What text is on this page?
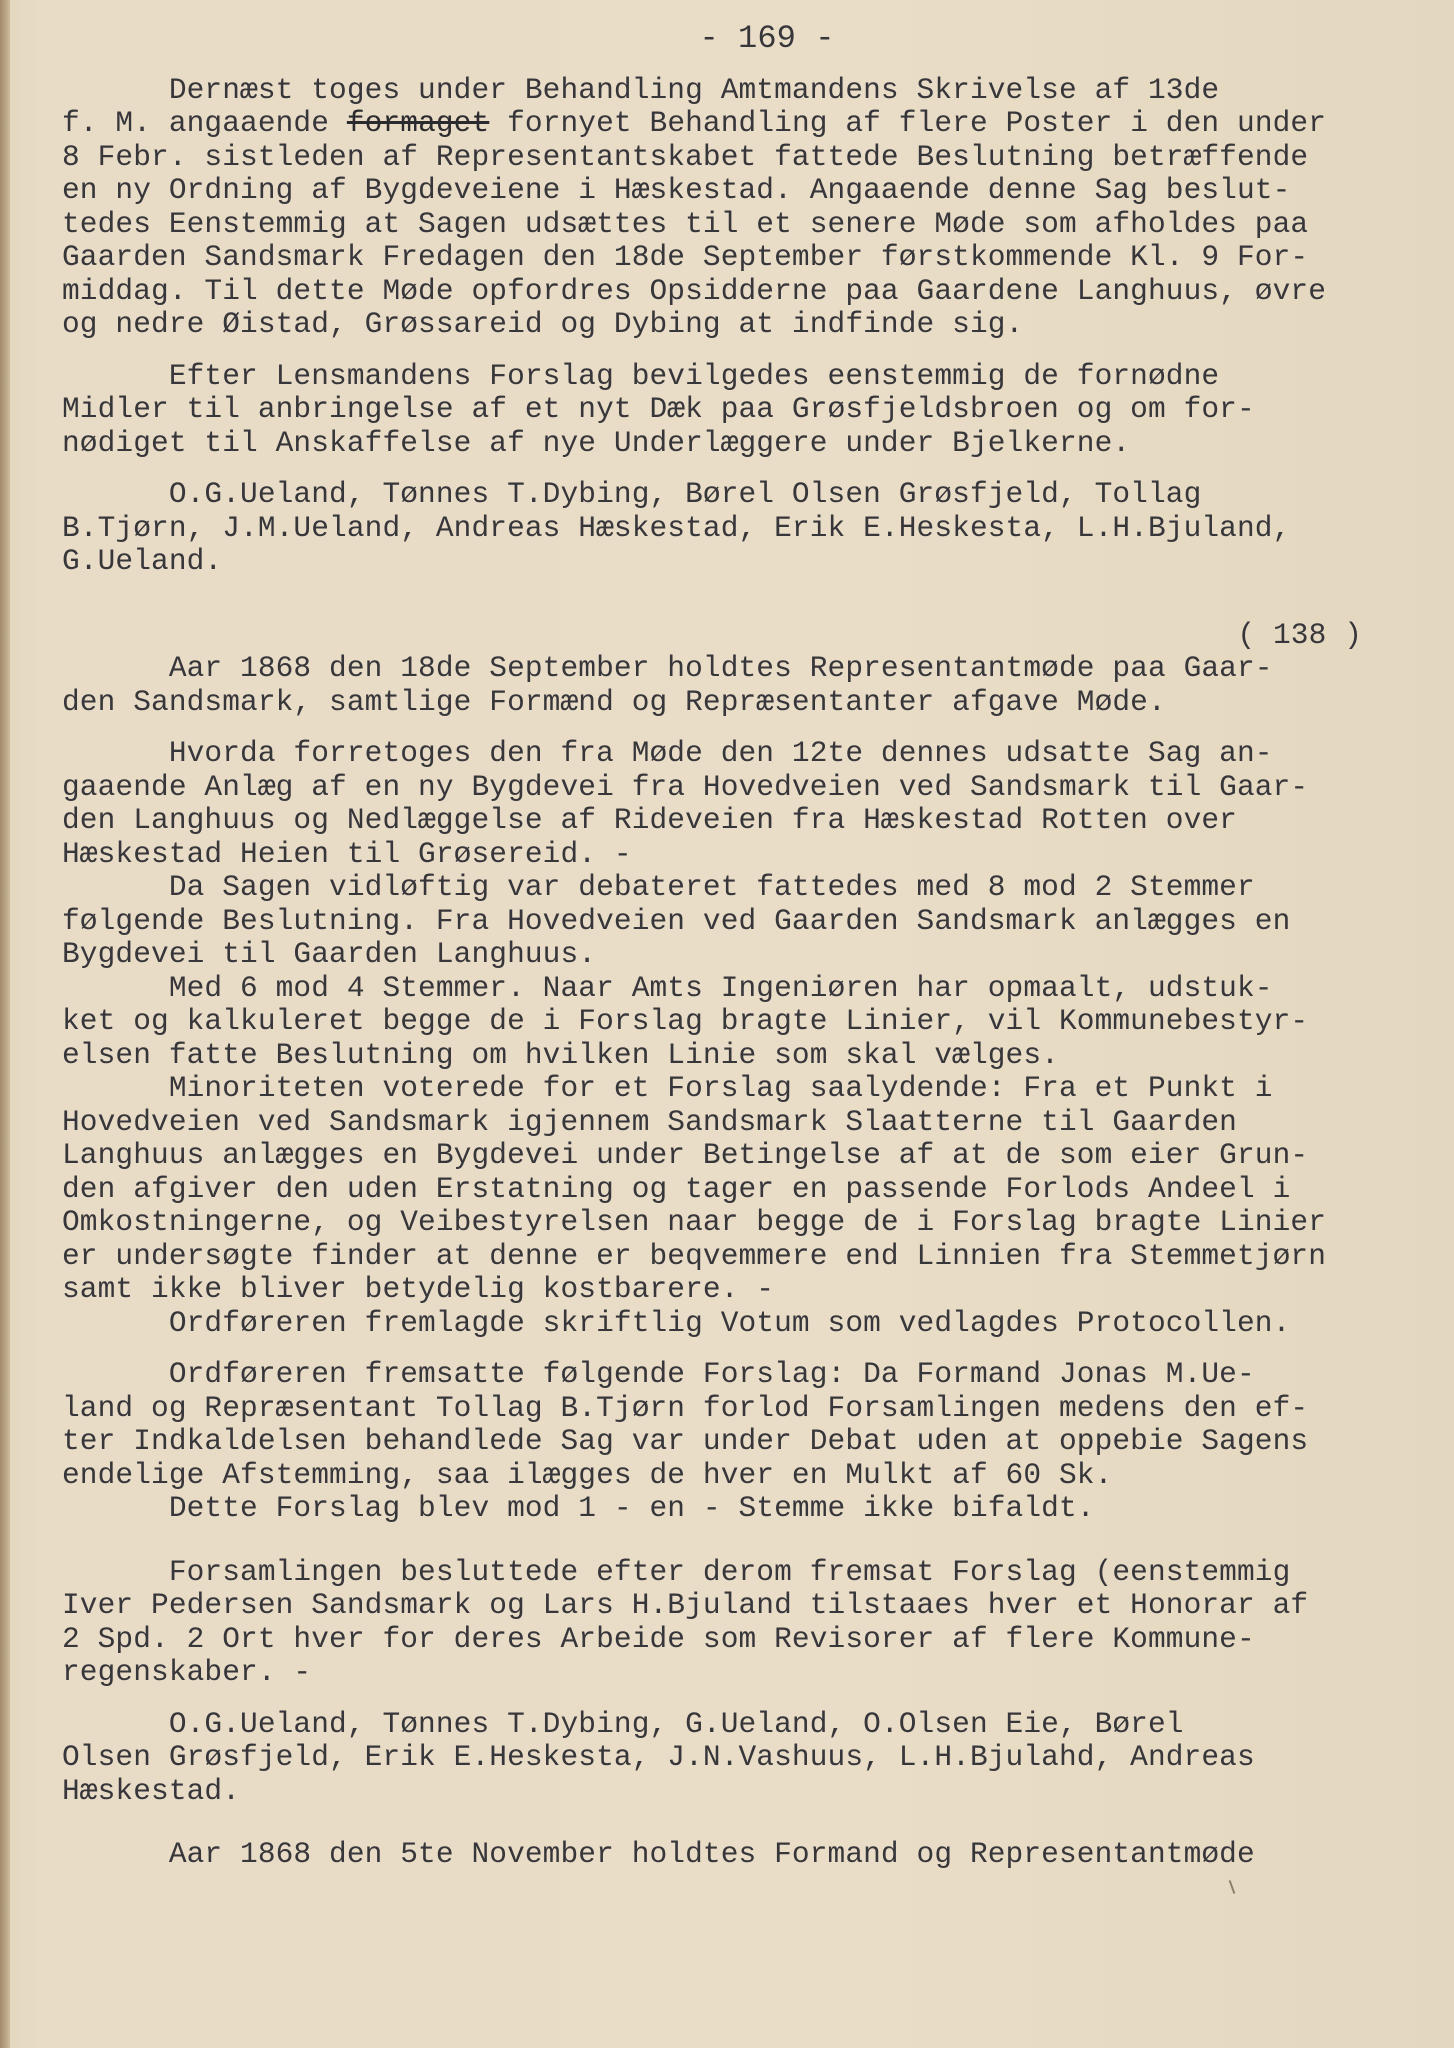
- 169 -
Dernæst toges under Behandling Amtmandens Skrivelse af 13de
f. M. angaaende formaget fornyet Behandling af flere Poster i den under
8 Febr. sistleden af Representantskabet fattede Beslutning betræffende
en ny Ordning af Bygdeveiene i Hæskestad. Angaaende denne Sag beslut-
tedes Eenstemmig at Sagen udsættes til et senere Møde som afholdes paa
Gaarden Sandsmark Fredagen den 18de September førstkommende Kl. 9 For-
middag. Til dette Møde opfordres Opsidderne paa Gaardene Langhuus, øvre
og nedre Øistad, Grøssareid og Dybing at indfinde sig.
Efter Lensmandens Forslag bevilgedes eenstemmig de fornødne
Midler til anbringelse af et nyt Dæk paa Grøsfjeldsbroen og om for-
nødiget til Anskaffelse af nye Underlæggere under Bjelkerne.
O.G.Ueland, Tønnes T.Dybing, Børel Olsen Grøsfjeld, Tollag
B.Tjørn, J.M.Ueland, Andreas Hæskestad, Erik E.Heskesta, L.H.Bjuland,
G.Ueland.
( 138 )
Aar 1868 den 18de September holdtes Representantmøde paa Gaar-
den Sandsmark, samtlige Formænd og Repræsentanter afgave Møde.
Hvorda forretoges den fra Møde den 12te dennes udsatte Sag an-
gaaende Anlæg af en ny Bygdevei fra Hovedveien ved Sandsmark til Gaar-
den Langhuus og Nedlæggelse af Rideveien fra Hæskestad Rotten over
Hæskestad Heien til Grøsereid. -
Da Sagen vidløftig var debateret fattedes med 8 mod 2 Stemmer
følgende Beslutning. Fra Hovedveien ved Gaarden Sandsmark anlægges en
Bygdevei til Gaarden Langhuus.
Med 6 mod 4 Stemmer. Naar Amts Ingeniøren har opmaalt, udstuk-
ket og kalkuleret begge de i Forslag bragte Linier, vil Kommunebestyr-
elsen fatte Beslutning om hvilken Linie som skal vælges.
Minoriteten voterede for et Forslag saalydende: Fra et Punkt i
Hovedveien ved Sandsmark igjennem Sandsmark Slaatterne til Gaarden
Langhuus anlægges en Bygdevei under Betingelse af at de som eier Grun-
den afgiver den uden Erstatning og tager en passende Forlods Andeel i
Omkostningerne, og Veibestyrelsen naar begge de i Forslag bragte Linier
er undersøgte finder at denne er beqvemmere end Linnien fra Stemmetjørn
samt ikke bliver betydelig kostbarere. -
Ordføreren fremlagde skriftlig Votum som vedlagdes Protocollen.
Ordføreren fremsatte følgende Forslag: Da Formand Jonas M.Ue-
land og Repræsentant Tollag B.Tjørn forlod Forsamlingen medens den ef-
ter Indkaldelsen behandlede Sag var under Debat uden at oppebie Sagens
endelige Afstemming, saa ilægges de hver en Mulkt af 60 Sk.
Dette Forslag blev mod 1 - en - Stemme ikke bifaldt.
Forsamlingen besluttede efter derom fremsat Forslag (eenstemmig
Iver Pedersen Sandsmark og Lars H.Bjuland tilstaaes hver et Honorar af
2 Spd. 2 Ort hver for deres Arbeide som Revisorer af flere Kommune-
regenskaber. -
O.G.Ueland, Tønnes T.Dybing, G.Ueland, O.Olsen Eie, Børel
Olsen Grøsfjeld, Erik E.Heskesta, J.N.Vashuus, L.H.Bjulahd, Andreas
Hæskestad.
Aar 1868 den 5te November holdtes Formand og Representantmøde
